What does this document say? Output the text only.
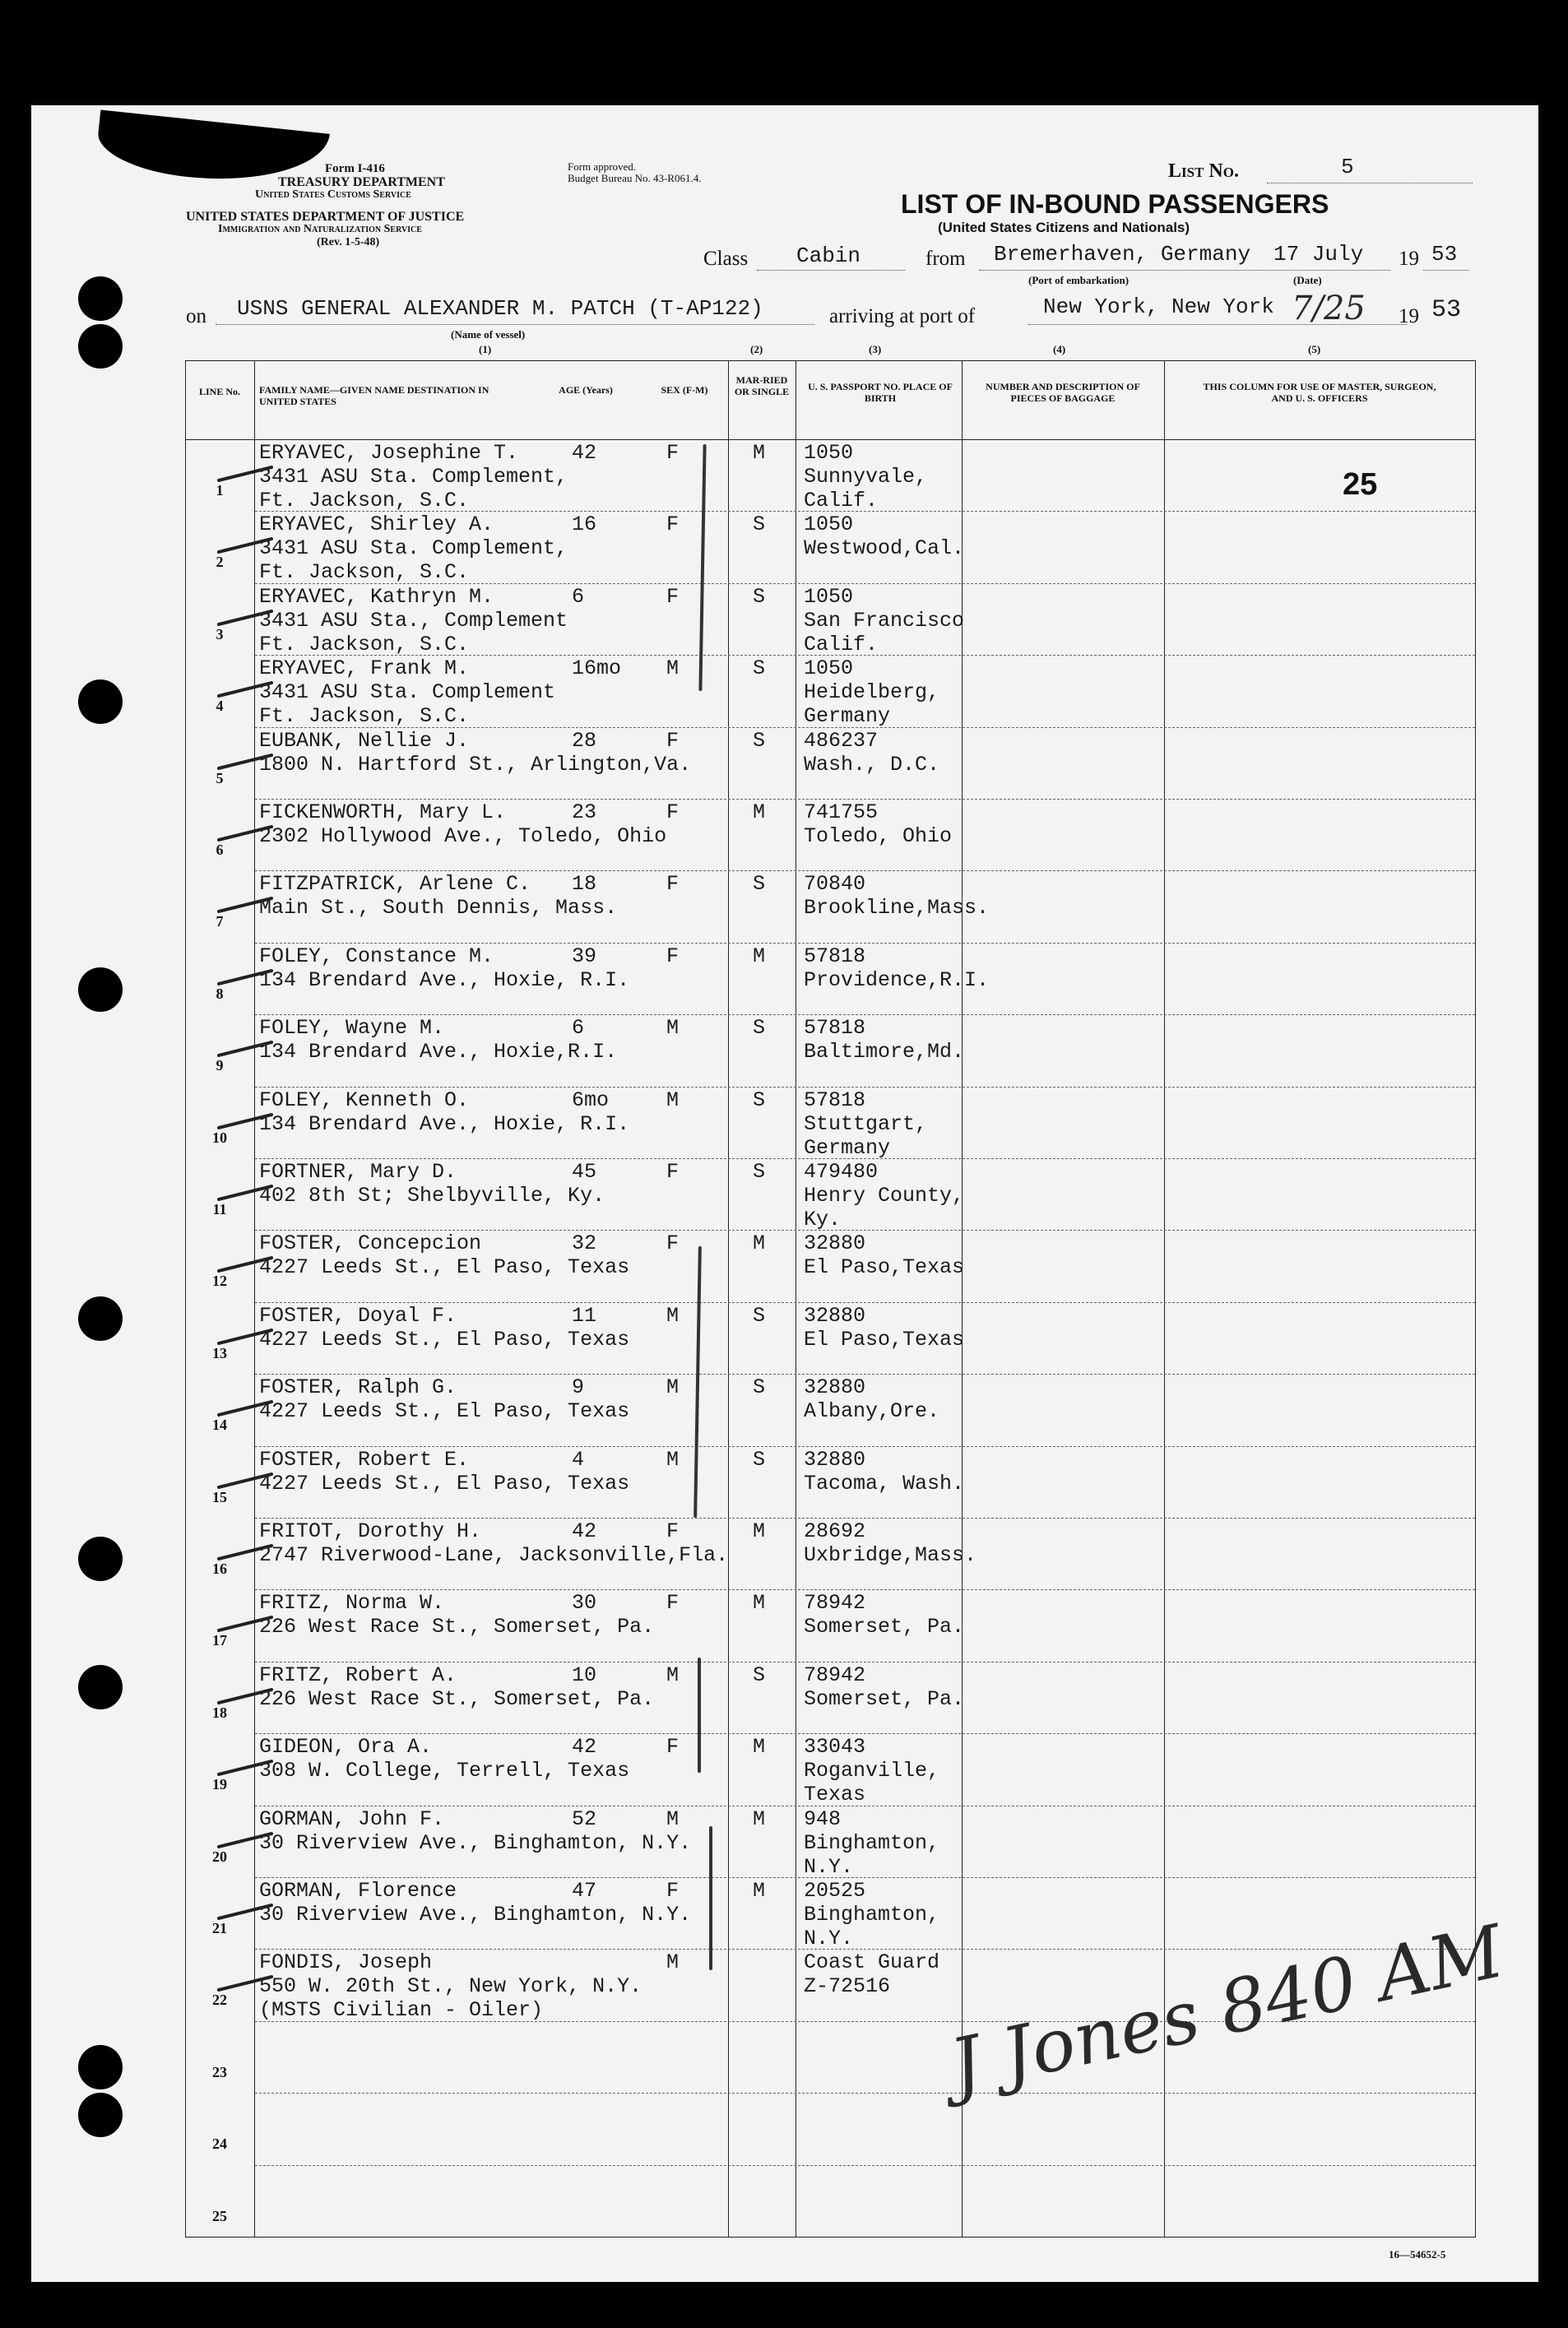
Form I-416
TREASURY DEPARTMENT
United States Customs Service
UNITED STATES DEPARTMENT OF JUSTICE
Immigration and Naturalization Service
(Rev. 1-5-48)
Form approved.
Budget Bureau No. 43-R061.4.	List No.	5
LIST OF IN-BOUND PASSENGERS
(United States Citizens and Nationals)
Class Cabin	from Bremerhaven, Germany 17 July 19 53
(Port of embarkation)	(Date)
on USNS GENERAL ALEXANDER M. PATCH (T-AP122)
(Name of vessel)
arriving at port of	New York, New York 7/25 19 53
(1)	(2)	(3)	(4)	(5)
LINE No.	FAMILY NAME—GIVEN NAME DESTINATION IN UNITED STATES
AGE (Years)	SEX (F-M)
MAR-RIED OR SINGLE	U. S. PASSPORT NO. PLACE OF BIRTH
NUMBER AND DESCRIPTION OF PIECES OF BAGGAGE
THIS COLUMN FOR USE OF MASTER, SURGEON, AND U. S. OFFICERS
1
ERYAVEC, Josephine T.
3431 ASU Sta. Complement,
Ft. Jackson, S.C.
42	F	M 1050
Sunnyvale,
Calif.
2
ERYAVEC, Shirley A.
3431 ASU Sta. Complement,
Ft. Jackson, S.C.
16	F	S 1050
Westwood,Cal.
3
ERYAVEC, Kathryn M.
3431 ASU Sta., Complement
Ft. Jackson, S.C.
6	F	S 1050
San Francisco
Calif.
4
ERYAVEC, Frank M.
3431 ASU Sta. Complement
Ft. Jackson, S.C.
16mo M	S 1050
Heidelberg,
Germany
5
EUBANK, Nellie J.
1800 N. Hartford St., Arlington,Va.
28	F	S 486237
Wash., D.C.
6
FICKENWORTH, Mary L.
2302 Hollywood Ave., Toledo, Ohio
23	F	M 741755
Toledo, Ohio
7
FITZPATRICK, Arlene C.
Main St., South Dennis, Mass.
18	F	S 70840
Brookline,Mass.
8
FOLEY, Constance M.
134 Brendard Ave., Hoxie, R.I.
39	F	M 57818
Providence,R.I.
9
FOLEY, Wayne M.
134 Brendard Ave., Hoxie,R.I.
6	M	S 57818
Baltimore,Md.
10
FOLEY, Kenneth O.
134 Brendard Ave., Hoxie, R.I.
6mo	M	S 57818
Stuttgart,
Germany
11
FORTNER, Mary D.
402 8th St; Shelbyville, Ky.
45	F	S 479480
Henry County,
Ky.
12
FOSTER, Concepcion
4227 Leeds St., El Paso, Texas
32	F	M 32880
El Paso,Texas
13
FOSTER, Doyal F.
4227 Leeds St., El Paso, Texas
11	M	S 32880
El Paso,Texas
14
FOSTER, Ralph G.
4227 Leeds St., El Paso, Texas
9	M	S 32880
Albany,Ore.
15
FOSTER, Robert E.
4227 Leeds St., El Paso, Texas
4	M	S 32880
Tacoma, Wash.
16
FRITOT, Dorothy H.
2747 Riverwood-Lane, Jacksonville,Fla.
42	F	M 28692
Uxbridge,Mass.
17
FRITZ, Norma W.
226 West Race St., Somerset, Pa.
30	F	M 78942
Somerset, Pa.
18
FRITZ, Robert A.
226 West Race St., Somerset, Pa.
10	M	S 78942
Somerset, Pa.
19
GIDEON, Ora A.
308 W. College, Terrell, Texas
42	F	M 33043
Roganville,
Texas
20
GORMAN, John F.
30 Riverview Ave., Binghamton, N.Y.
52	M	M 948
Binghamton,
N.Y.
21
GORMAN, Florence
30 Riverview Ave., Binghamton, N.Y.
47	F	M 20525
Binghamton,
N.Y.
22
FONDIS, Joseph
550 W. 20th St., New York, N.Y.
(MSTS Civilian - Oiler)
M	Coast Guard
Z-72516
23
24
25
25
J Jones 840 AM
16—54652-5
